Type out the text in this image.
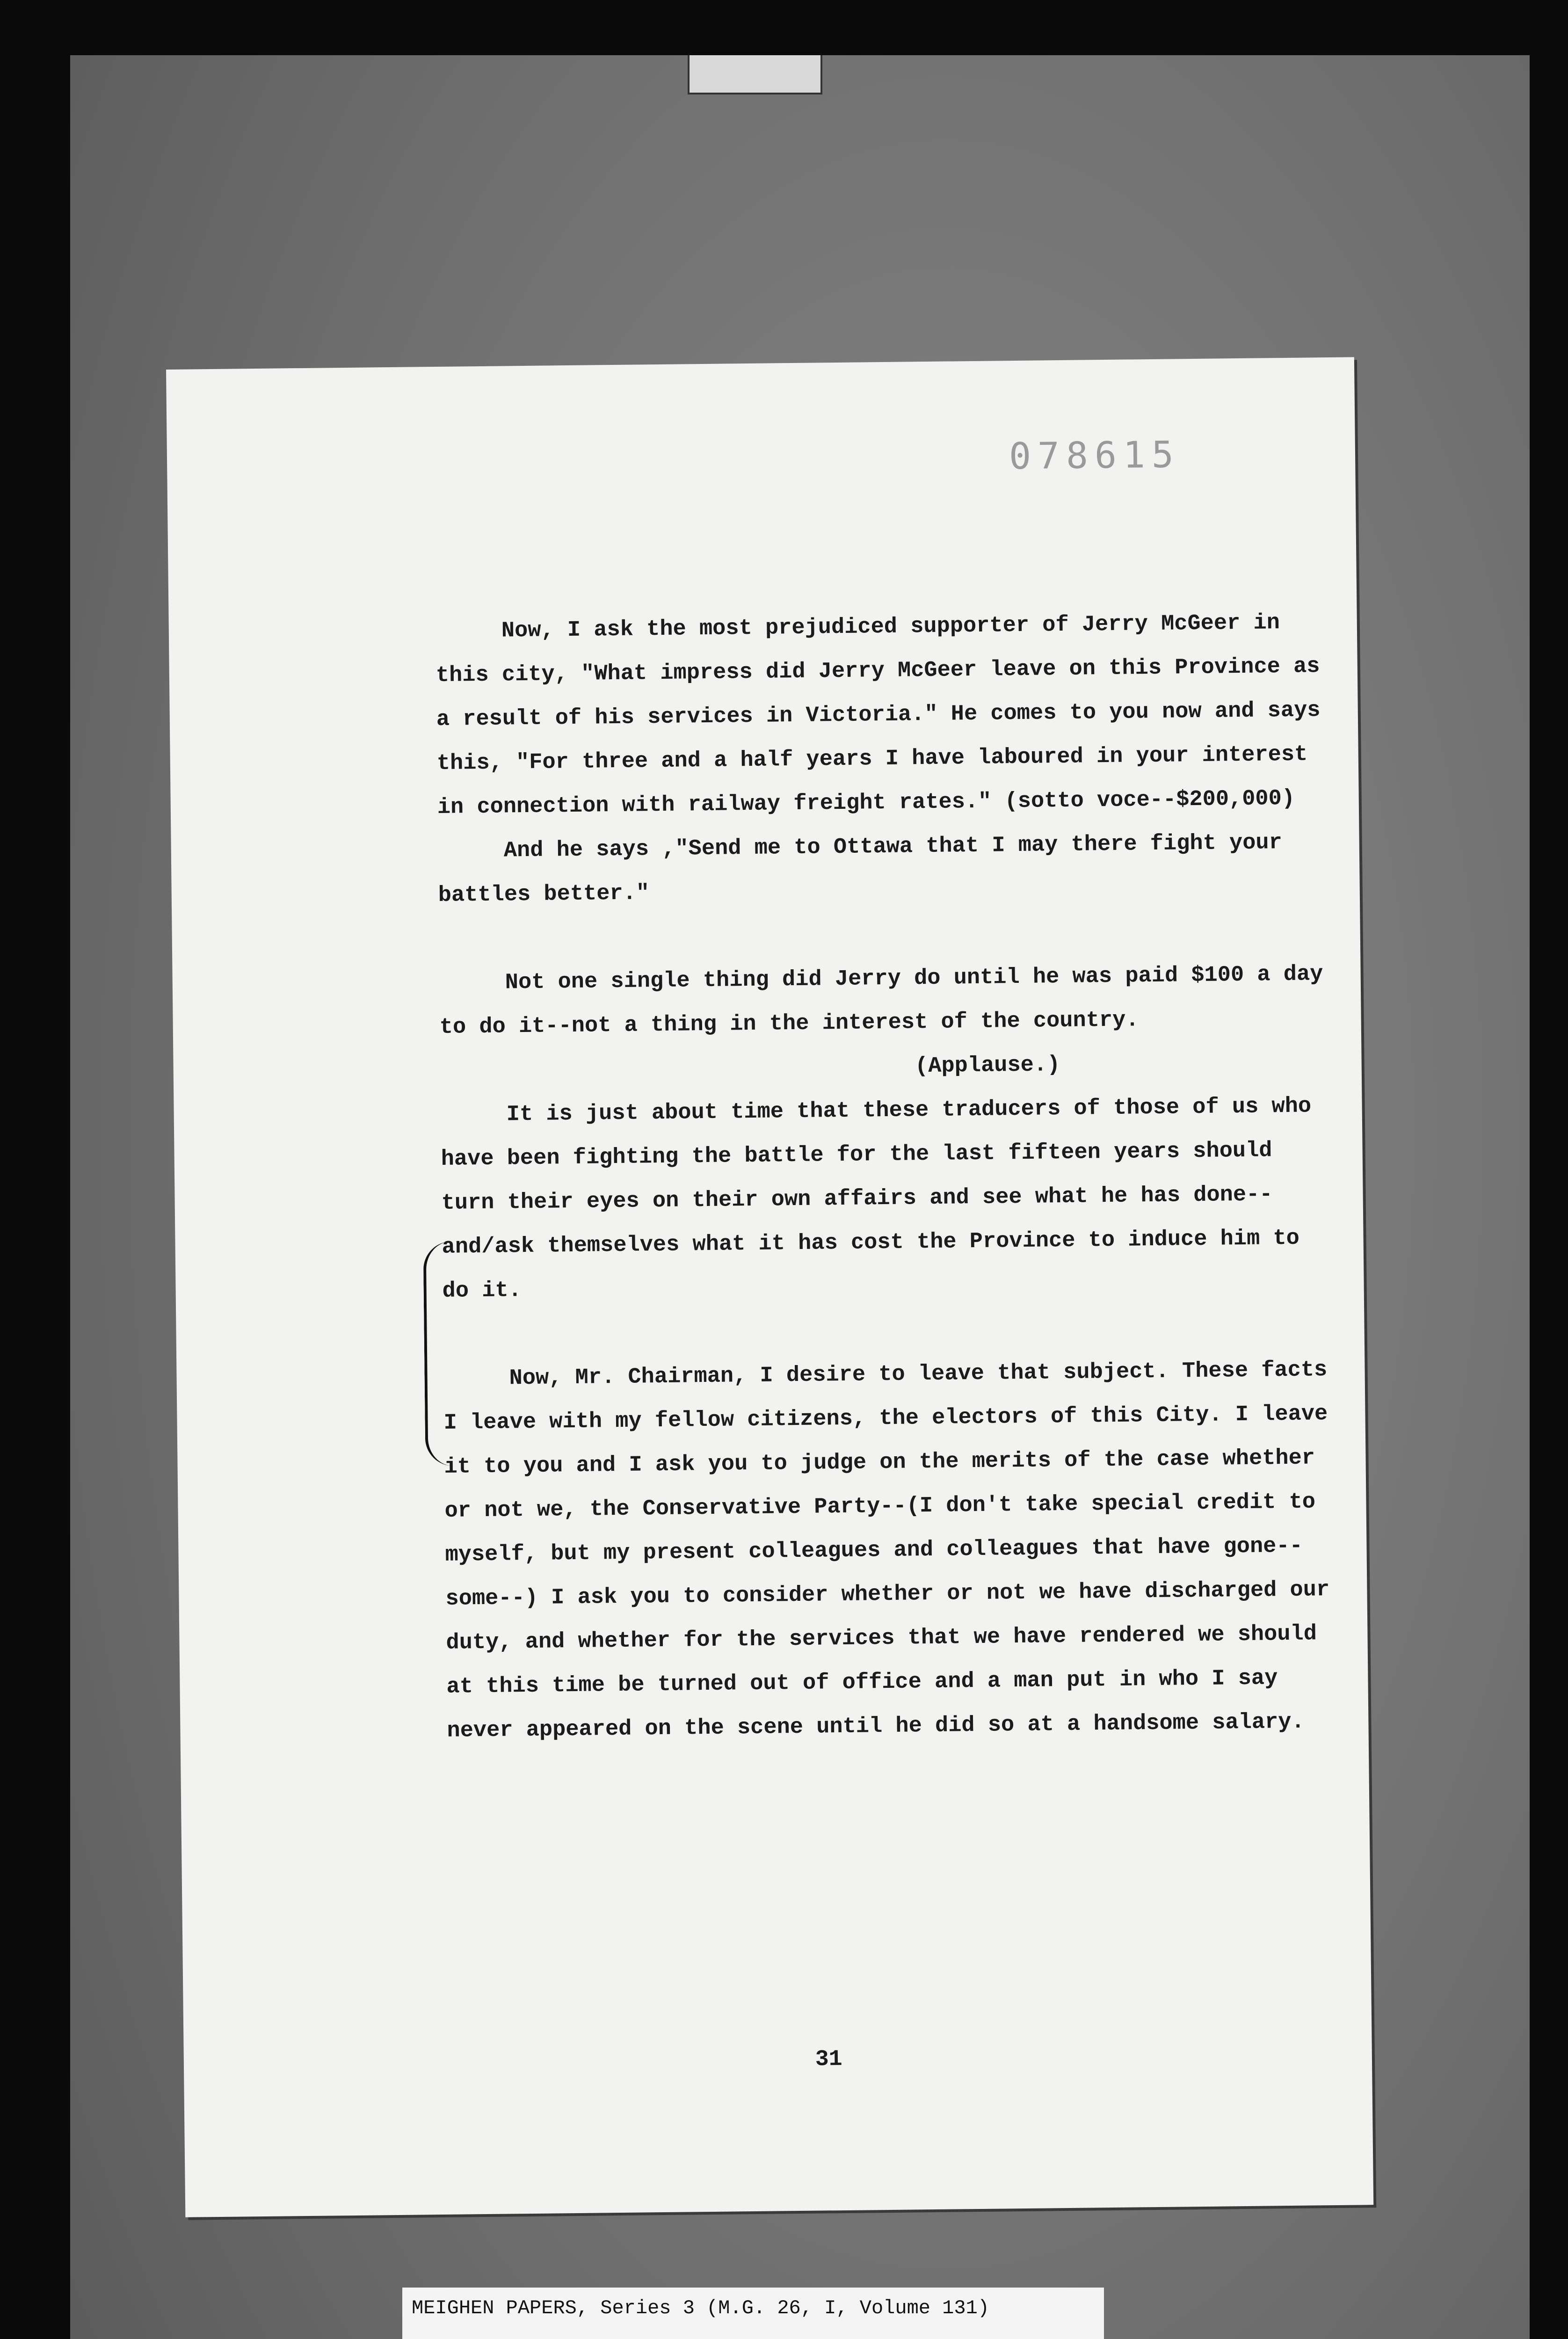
078615

Now, I ask the most prejudiced supporter of Jerry McGeer in this city, "What impress did Jerry McGeer leave on this Province as a result of his services in Victoria." He comes to you now and says this, "For three and a half years I have laboured in your interest in connection with railway freight rates." (sotto voce--$200,000)

And he says ,"Send me to Ottawa that I may there fight your battles better."

Not one single thing did Jerry do until he was paid $100 a day to do it--not a thing in the interest of the country.

(Applause.)

It is just about time that these traducers of those of us who have been fighting the battle for the last fifteen years should turn their eyes on their own affairs and see what he has done--and/ask themselves what it has cost the Province to induce him to do it.

Now, Mr. Chairman, I desire to leave that subject. These facts I leave with my fellow citizens, the electors of this City. I leave it to you and I ask you to judge on the merits of the case whether or not we, the Conservative Party--(I don't take special credit to myself, but my present colleagues and colleagues that have gone--some--) I ask you to consider whether or not we have discharged our duty, and whether for the services that we have rendered we should at this time be turned out of office and a man put in who I say never appeared on the scene until he did so at a handsome salary.

31
MEIGHEN PAPERS, Series 3 (M.G. 26, I, Volume 131)
